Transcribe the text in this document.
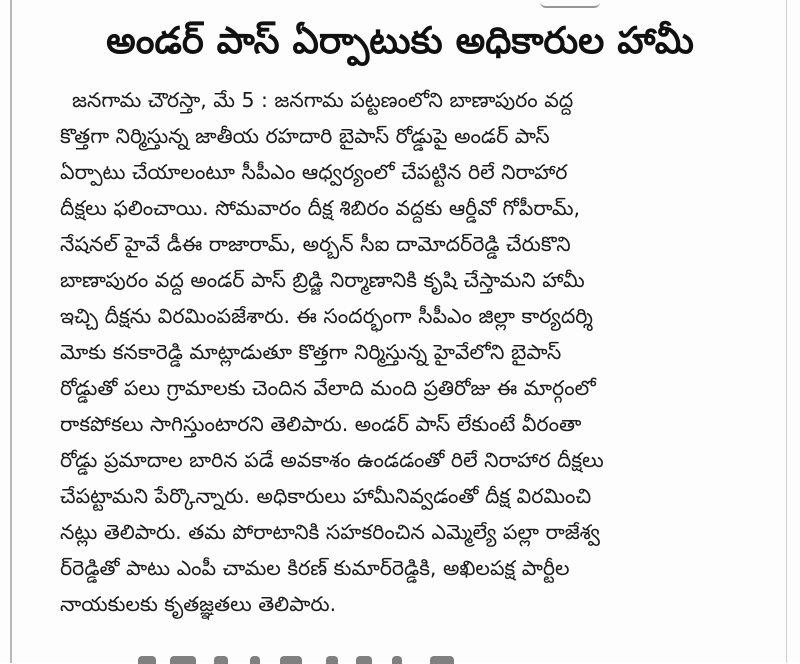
అండర్ పాస్ ఏర్పాటుకు అధికారుల హామీ
జనగామ చౌరస్తా, మే 5 : జనగామ పట్టణంలోని బాణాపురం వద్ద
కొత్తగా నిర్మిస్తున్న జాతీయ రహదారి బైపాస్ రోడ్డుపై అండర్ పాస్
ఏర్పాటు చేయాలంటూ సీపీఎం ఆధ్వర్యంలో చేపట్టిన రిలే నిరాహార
దీక్షలు ఫలించాయి. సోమవారం దీక్ష శిబిరం వద్దకు ఆర్డీవో గోపీరామ్,
నేషనల్ హైవే డీఈ రాజారామ్, అర్బన్ సీఐ దామోదర్‌రెడ్డి చేరుకొని
బాణాపురం వద్ద అండర్ పాస్ బ్రిడ్జి నిర్మాణానికి కృషి చేస్తామని హామీ
ఇచ్చి దీక్షను విరమింపజేశారు. ఈ సందర్భంగా సీపీఎం జిల్లా కార్యదర్శి
మోకు కనకారెడ్డి మాట్లాడుతూ కొత్తగా నిర్మిస్తున్న హైవేలోని బైపాస్
రోడ్డుతో పలు గ్రామాలకు చెందిన వేలాది మంది ప్రతిరోజు ఈ మార్గంలో
రాకపోకలు సాగిస్తుంటారని తెలిపారు. అండర్ పాస్ లేకుంటే వీరంతా
రోడ్డు ప్రమాదాల బారిన పడే అవకాశం ఉండడంతో రిలే నిరాహార దీక్షలు
చేపట్టామని పేర్కొన్నారు. అధికారులు హామీనివ్వడంతో దీక్ష విరమించి
నట్లు తెలిపారు. తమ పోరాటానికి సహకరించిన ఎమ్మెల్యే పల్లా రాజేశ్వ
ర్‌రెడ్డితో పాటు ఎంపీ చామల కిరణ్ కుమార్‌రెడ్డికి, అఖిలపక్ష పార్టీల
నాయకులకు కృతజ్ఞతలు తెలిపారు.
